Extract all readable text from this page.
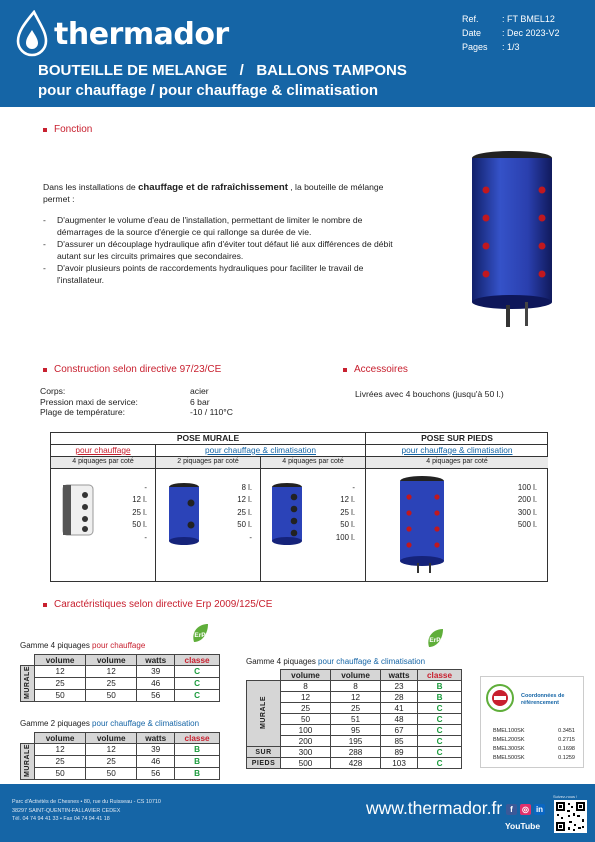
thermador	Ref.	: FT BMEL12
Date	: Dec 2023-V2
Pages	: 1/3
BOUTEILLE DE MELANGE   /   BALLONS TAMPONS
pour chauffage / pour chauffage & climatisation
Fonction
Dans les installations de chauffage et de rafraîchissement , la bouteille de mélange permet :
- D'augmenter le volume d'eau de l'installation, permettant de limiter le nombre de démarrages de la source d'énergie ce qui rallonge sa durée de vie.
- D'assurer un découplage hydraulique afin d'éviter tout défaut lié aux différences de débit autant sur les circuits primaires que secondaires.
- D'avoir plusieurs points de raccordements hydrauliques pour faciliter le travail de l'installateur.
Construction selon directive 97/23/CE	Accessoires
Corps:	acier
Pression maxi de service:	6 bar
Plage de température:	-10 / 110°C
Livrées avec 4 bouchons (jusqu'à 50 l.)
POSE MURALE	POSE SUR PIEDS
pour chauffage	pour chauffage & climatisation	pour chauffage & climatisation
4 piquages par coté	2 piquages par coté	4 piquages par coté	4 piquages par coté
-
12 l.
25 l.
50 l.
-
8 l.
12 l.
25 l.
50 l.
-
-
12 l.
25 l.
50 l.
100 l.
100 l.
200 l.
300 l.
500 l.
Caractéristiques selon directive Erp 2009/125/CE
ErP
ErP
Gamme 4 piquages pour chauffage
	volume	volume	watts	classe
MURALE	12	12	39	C
	25	25	46	C
	50	50	56	C
Gamme 2 piquages pour chauffage & climatisation
	volume	volume	watts	classe
MURALE	12	12	39	B
	25	25	46	B
	50	50	56	B
Gamme 4 piquages pour chauffage & climatisation
	volume	volume	watts	classe
MURALE	8	8	23	B
	12	12	28	B
	25	25	41	C
	50	51	48	C
	100	95	67	C
	200	195	85	C
SUR	300	288	89	C
PIEDS	500	428	103	C
Coordonnées de référencement
BMEL100SK	0.3451
BMEL200SK	0.2715
BMEL300SK	0.1698
BMEL500SK	0.1259
Parc d'Activités de Chesnes • 80, rue du Ruisseau - CS 10710
38297 SAINT-QUENTIN-FALLAVIER CEDEX
Tél. 04 74 94 41 33 • Fax 04 74 94 41 18
www.thermador.fr	f	◎ in
YouTube
Suivez-nous !
